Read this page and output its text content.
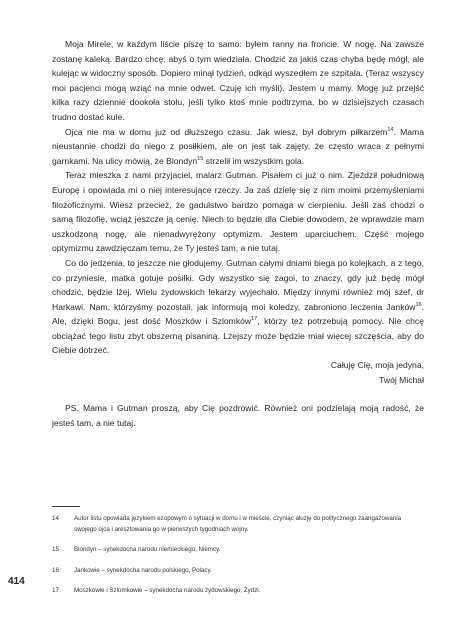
Moja Mirele, w każdym liście piszę to samo: byłem ranny na froncie. W nogę. Na zawsze zostanę kaleką. Bardzo chcę, abyś o tym wiedziała. Chodzić za jakiś czas chyba będę mógł, ale kulejąc w widoczny sposób. Dopiero minął tydzień, odkąd wyszedłem ze szpitala. (Teraz wszyscy moi pacjenci mogą wziąć na mnie odwet. Czuję ich myśli). Jestem u mamy. Mogę już przejść kilka razy dziennie dookoła stołu, jeśli tylko ktoś mnie podtrzyma, bo w dzisiejszych czasach trudno dostać kule.

Ojca nie ma w domu już od dłuższego czasu. Jak wiesz, był dobrym piłkarzem$^{14}$. Mama nieustannie chodzi do niego z posiłkiem, ale on jest tak zajęty, że często wraca z pełnymi garnkami. Na ulicy mówią, że Blondyn$^{15}$ strzelił im wszystkim gola.

Teraz mieszka z nami przyjaciel, malarz Gutman. Pisałem ci już o nim. Zjeździł południową Europę i opowiada mi o niej interesujące rzeczy. Ja zaś dzielę się z nim moimi przemyśleniami filozoficznymi. Wiesz przecież, że gadulstwo bardzo pomaga w cierpieniu. Jeśli zaś chodzi o samą filozofię, wciąż jeszcze ją cenię. Niech to będzie dla Ciebie dowodem, że wprawdzie mam uszkodzoną nogę, ale nienadwyrężony optymizm. Jestem uparciuchem. Część mojego optymizmu zawdzięczam temu, że Ty jesteś tam, a nie tutaj.

Co do jedzenia, to jeszcze nie głodujemy. Gutman całymi dniami biega po kolejkach, a z tego, co przyniesie, matka gotuje posiłki. Gdy wszystko się zagoi, to znaczy, gdy już będę mógł chodzić, będzie lżej. Wielu żydowskich lekarzy wyjechało. Między innymi również mój szef, dr Harkawi. Nam, którzyśmy pozostali, jak informują moi koledzy, zabroniono leczenia Janków$^{16}$. Ale, dzięki Bogu, jest dość Moszków i Szlomków$^{17}$, którzy też potrzebują pomocy. Nie chcę obciążać tego listu zbyt obszerną pisaniną. Lżejszy może będzie miał więcej szczęścia, aby do Ciebie dotrzeć.

Całuję Cię, moja jedyna,
Twój Michał

PS. Mama i Gutman proszą, aby Cię pozdrowić. Również oni podzielają moją radość, że jesteś tam, a nie tutaj.

14	Autor listu opowiada językiem ezopowym o sytuacji w domu i w mieście, czyniąc aluzję do politycznego zaangażowania swojego ojca i aresztowania go w pierwszych tygodniach wojny.
15	Blondyn – synekdocha narodu niemieckiego, Niemcy.
16	Jankowie – synekdocha narodu polskiego, Polacy.
17	Moszkowie i Szlomkowie – synekdocha narodu żydowskiego, Żydzi.
414
